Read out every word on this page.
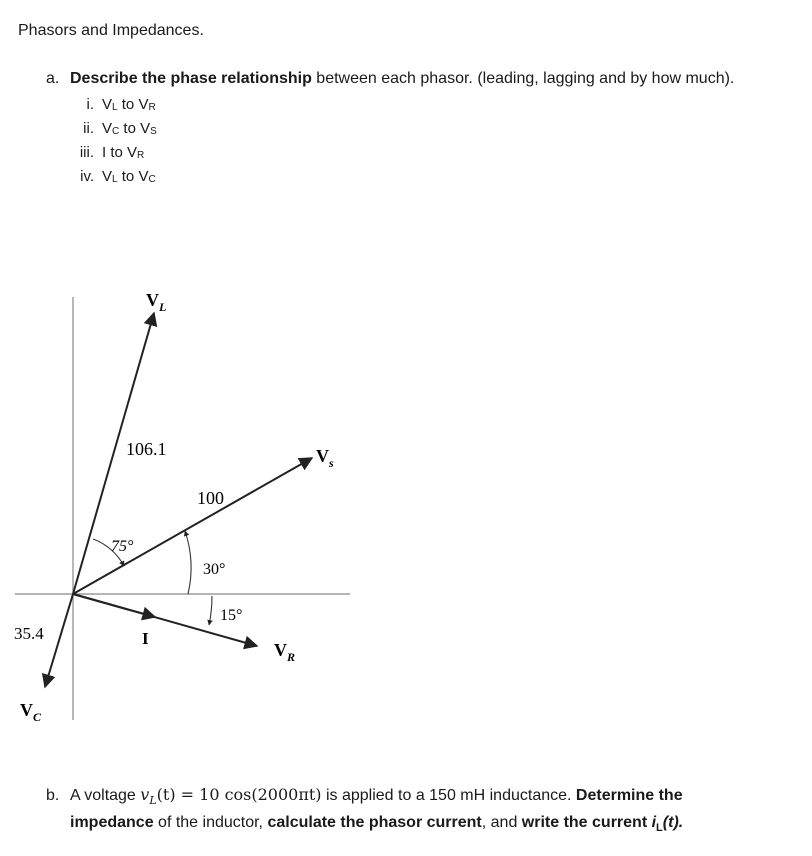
Phasors and Impedances.
a. Describe the phase relationship between each phasor. (leading, lagging and by how much).
i. $V_L$ to $V_R$
ii. $V_C$ to $V_S$
iii. I to $V_R$
iv. $V_L$ to $V_C$
$V_L$
$V_s$
$V_R$
$V_C$
I
106.1
100
35.4
75°
30°
15°
b. A voltage $v_L(t) = 10$ cos(2000πt) is applied to a 150 mH inductance. Determine the
impedance of the inductor, calculate the phasor current, and write the current $i_L(t)$.
